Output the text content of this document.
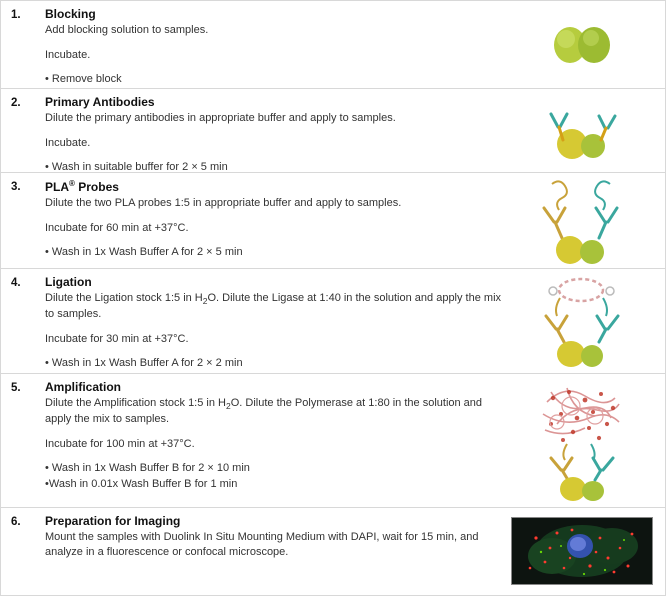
1.	Blocking
Add blocking solution to samples.
Incubate.
• Remove block
2.	Primary Antibodies
Dilute the primary antibodies in appropriate buffer and apply to samples.
Incubate.
• Wash in suitable buffer for 2 × 5 min
3.	PLA® Probes
Dilute the two PLA probes 1:5 in appropriate buffer and apply to samples.
Incubate for 60 min at +37°C.
• Wash in 1x Wash Buffer A for 2 × 5 min
4.	Ligation
Dilute the Ligation stock 1:5 in $H_2O$. Dilute the Ligase at 1:40 in the solution and apply the mix to samples.
Incubate for 30 min at +37°C.
• Wash in 1x Wash Buffer A for 2 × 2 min
5.	Amplification
Dilute the Amplification stock 1:5 in $H_2O$. Dilute the Polymerase at 1:80 in the solution and apply the mix to samples.
Incubate for 100 min at +37°C.
• Wash in 1x Wash Buffer B for 2 × 10 min
•Wash in 0.01x Wash Buffer B for 1 min
6.	Preparation for Imaging
Mount the samples with Duolink In Situ Mounting Medium with DAPI, wait for 15 min, and analyze in a fluorescence or confocal microscope.
